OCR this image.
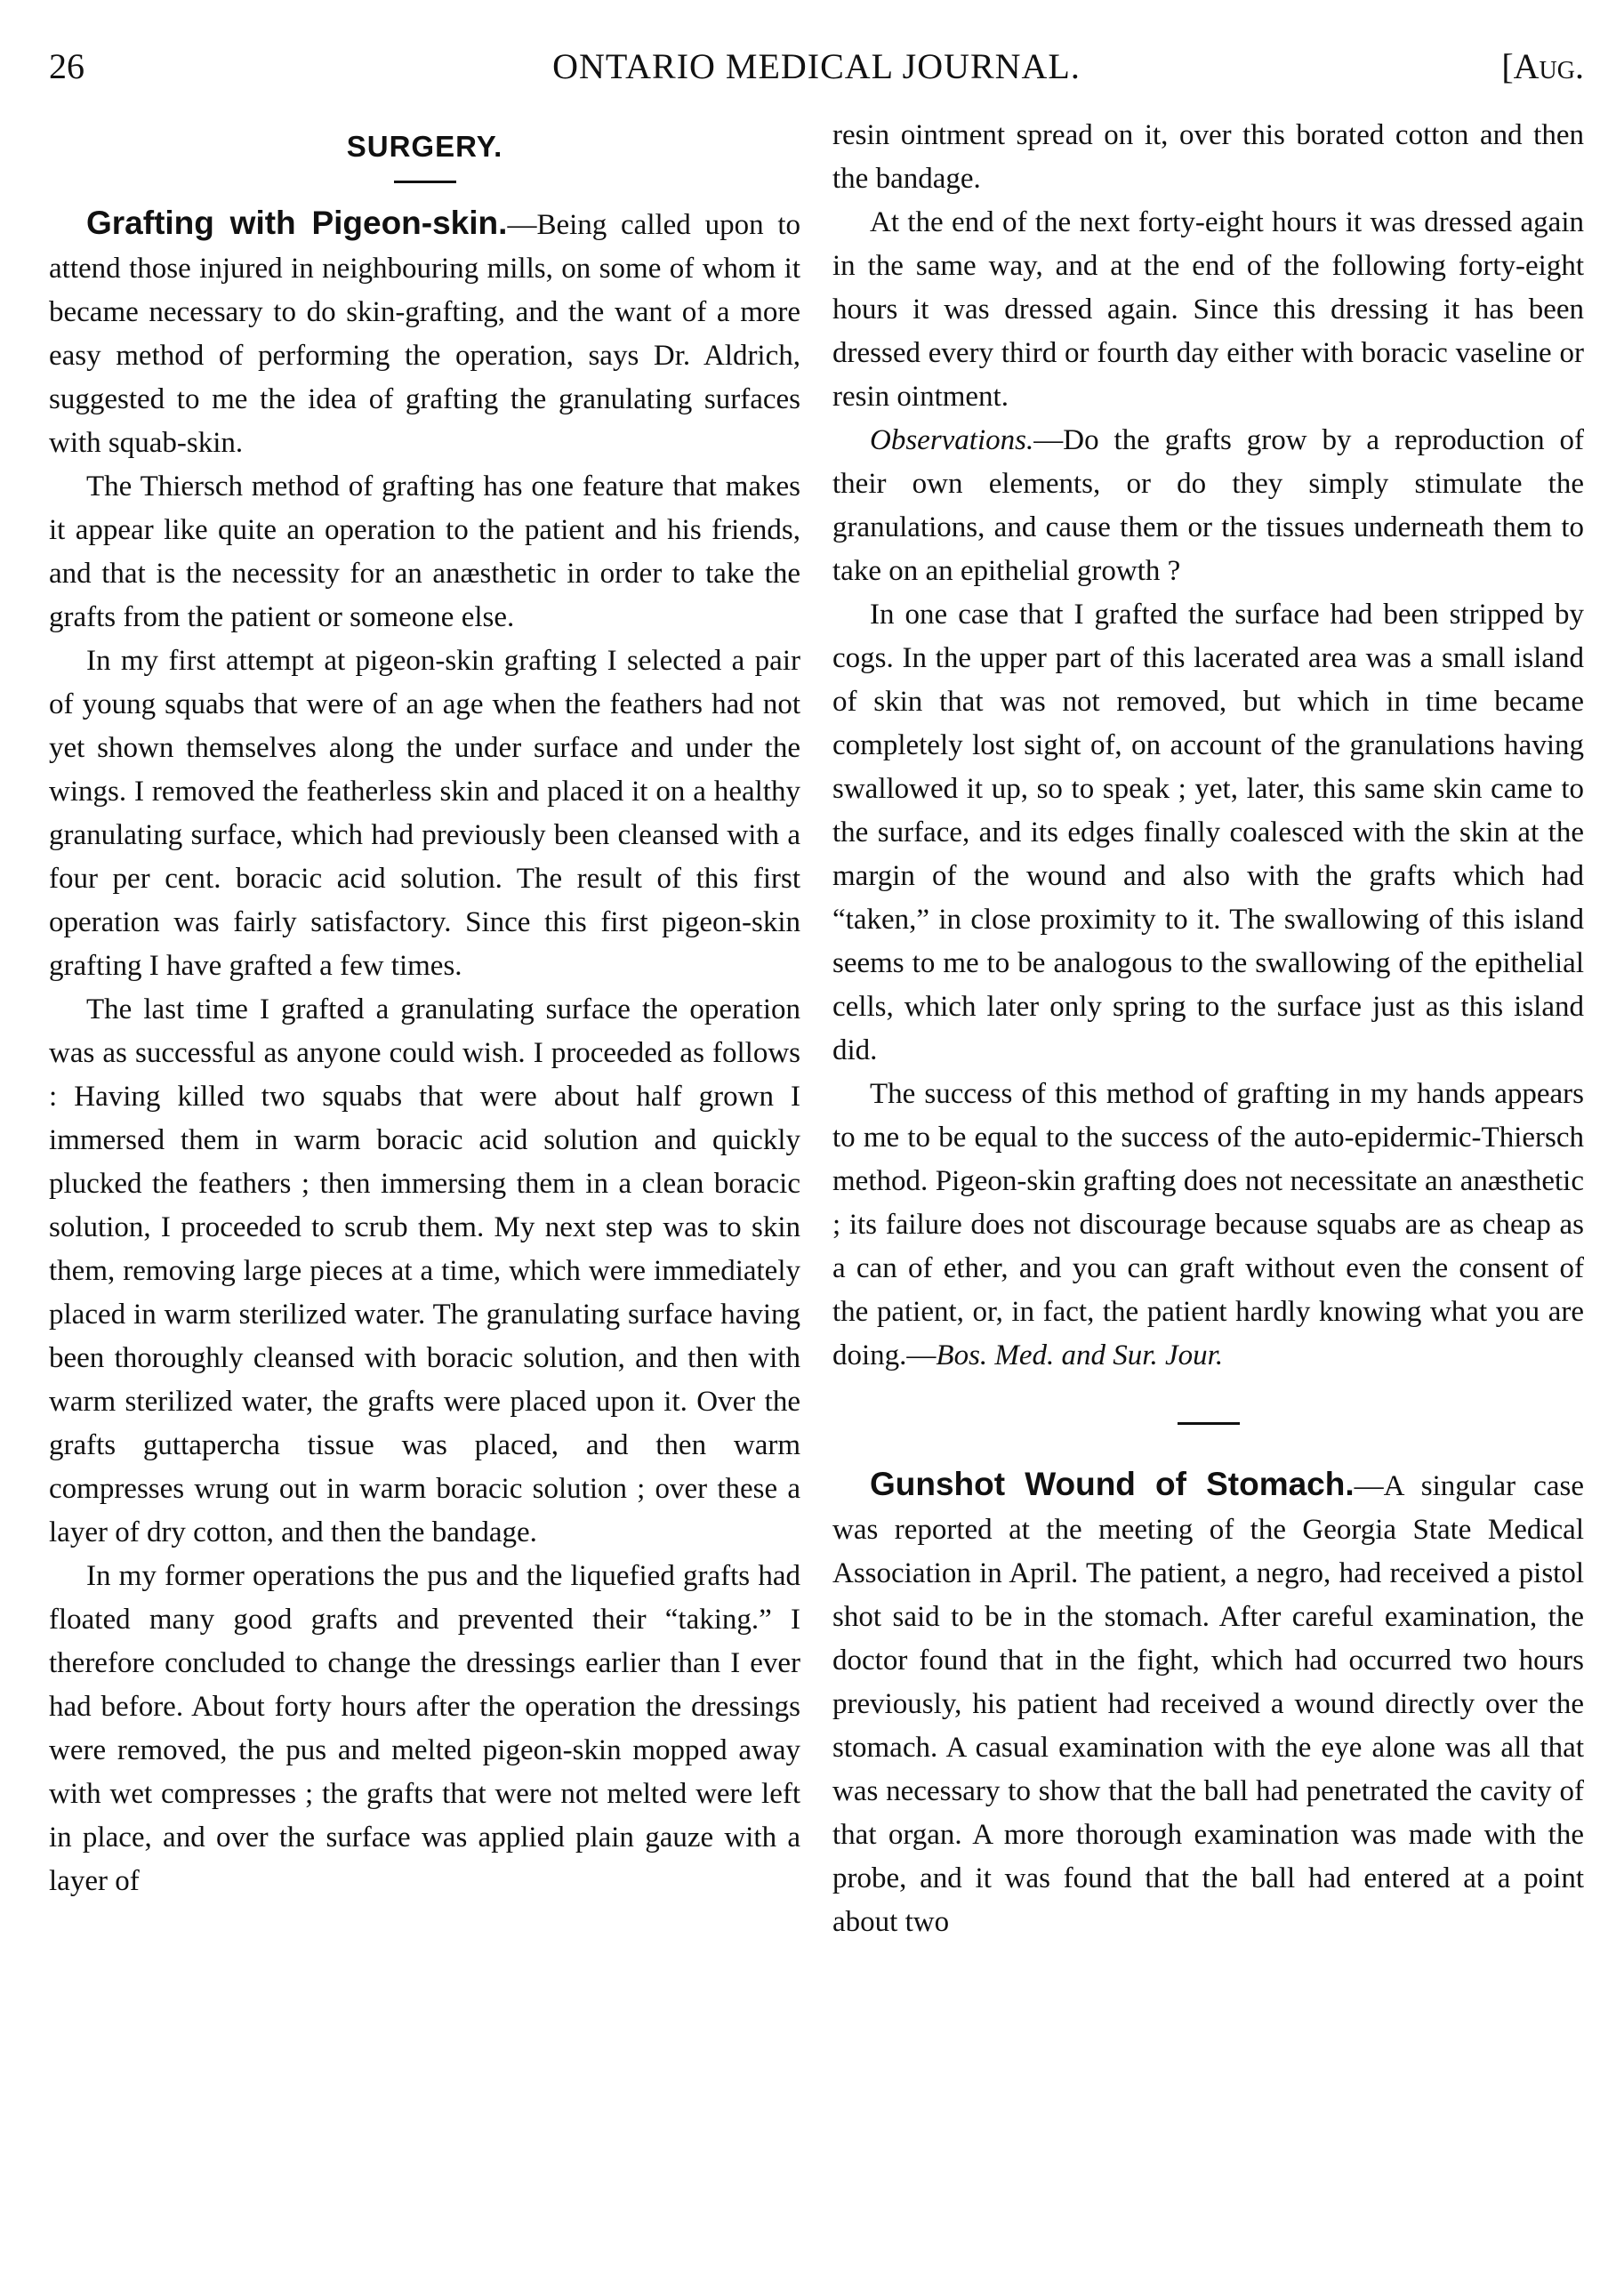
26	ONTARIO MEDICAL JOURNAL.	[Aug.
SURGERY.

Grafting with Pigeon-skin.—Being called upon to attend those injured in neighbouring mills, on some of whom it became necessary to do skin-grafting, and the want of a more easy method of performing the operation, says Dr. Aldrich, suggested to me the idea of grafting the granulating surfaces with squab-skin.

The Thiersch method of grafting has one feature that makes it appear like quite an operation to the patient and his friends, and that is the necessity for an anæsthetic in order to take the grafts from the patient or someone else.

In my first attempt at pigeon-skin grafting I selected a pair of young squabs that were of an age when the feathers had not yet shown themselves along the under surface and under the wings. I removed the featherless skin and placed it on a healthy granulating surface, which had previously been cleansed with a four per cent. boracic acid solution. The result of this first operation was fairly satisfactory. Since this first pigeon-skin grafting I have grafted a few times.

The last time I grafted a granulating surface the operation was as successful as anyone could wish. I proceeded as follows : Having killed two squabs that were about half grown I immersed them in warm boracic acid solution and quickly plucked the feathers ; then immersing them in a clean boracic solution, I proceeded to scrub them. My next step was to skin them, removing large pieces at a time, which were immediately placed in warm sterilized water. The granulating surface having been thoroughly cleansed with boracic solution, and then with warm sterilized water, the grafts were placed upon it. Over the grafts guttapercha tissue was placed, and then warm compresses wrung out in warm boracic solution ; over these a layer of dry cotton, and then the bandage.

In my former operations the pus and the liquefied grafts had floated many good grafts and prevented their “taking.” I therefore concluded to change the dressings earlier than I ever had before. About forty hours after the operation the dressings were removed, the pus and melted pigeon-skin mopped away with wet compresses ; the grafts that were not melted were left in place, and over the surface was applied plain gauze with a layer of

resin ointment spread on it, over this borated cotton and then the bandage.

At the end of the next forty-eight hours it was dressed again in the same way, and at the end of the following forty-eight hours it was dressed again. Since this dressing it has been dressed every third or fourth day either with boracic vaseline or resin ointment.

Observations.—Do the grafts grow by a reproduction of their own elements, or do they simply stimulate the granulations, and cause them or the tissues underneath them to take on an epithelial growth ?

In one case that I grafted the surface had been stripped by cogs. In the upper part of this lacerated area was a small island of skin that was not removed, but which in time became completely lost sight of, on account of the granulations having swallowed it up, so to speak ; yet, later, this same skin came to the surface, and its edges finally coalesced with the skin at the margin of the wound and also with the grafts which had “taken,” in close proximity to it. The swallowing of this island seems to me to be analogous to the swallowing of the epithelial cells, which later only spring to the surface just as this island did.

The success of this method of grafting in my hands appears to me to be equal to the success of the auto-epidermic-Thiersch method. Pigeon-skin grafting does not necessitate an anæsthetic ; its failure does not discourage because squabs are as cheap as a can of ether, and you can graft without even the consent of the patient, or, in fact, the patient hardly knowing what you are doing.—Bos. Med. and Sur. Jour.

Gunshot Wound of Stomach.—A singular case was reported at the meeting of the Georgia State Medical Association in April. The patient, a negro, had received a pistol shot said to be in the stomach. After careful examination, the doctor found that in the fight, which had occurred two hours previously, his patient had received a wound directly over the stomach. A casual examination with the eye alone was all that was necessary to show that the ball had penetrated the cavity of that organ. A more thorough examination was made with the probe, and it was found that the ball had entered at a point about two
